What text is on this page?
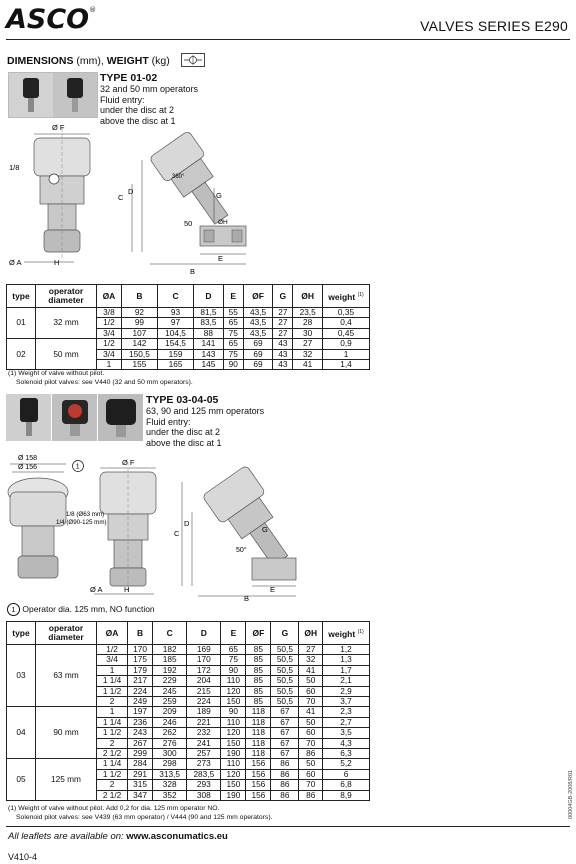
ASCO®
VALVES SERIES E290
DIMENSIONS (mm), WEIGHT (kg)
TYPE 01-02
32 and 50 mm operators
Fluid entry:
under the disc at 2
above the disc at 1
Ø F
1/8
Ø A	H
C
D
B
E
G
50	ØH
360°
type	operator diameter	ØA	B	C	D	E	ØF	G	ØH	weight $^{(1)}$
01	32 mm	3/8	92	93	81,5	55	43,5	27	23,5	0,35
		1/2	99	97	83,5	65	43,5	27	28	0,4
		3/4	107	104,5	88	75	43,5	27	30	0,45
02	50 mm	1/2	142	154,5	141	65	69	43	27	0,9
		3/4	150,5	159	143	75	69	43	32	1
		1	155	165	145	90	69	43	41	1,4
(1) Weight of valve without pilot.
Solenoid pilot valves: see V440 (32 and 50 mm operators).
TYPE 03-04-05
63, 90 and 125 mm operators
Fluid entry:
under the disc at 2
above the disc at 1
Ø 158
Ø 156	1	Ø F
1/8 (Ø63 mm)
1/4 (Ø90-125 mm)
Ø A	H
C
D
B
E
G
50°
1 Operator dia. 125 mm, NO function
type	operator diameter	ØA	B	C	D	E	ØF	G	ØH	weight $^{(1)}$
03	63 mm	1/2	170	182	169	65	85	50,5	27	1,2
		3/4	175	185	170	75	85	50,5	32	1,3
		1	179	192	172	90	85	50,5	41	1,7
		1 1/4	217	229	204	110	85	50,5	50	2,1
		1 1/2	224	245	215	120	85	50,5	60	2,9
		2	249	259	224	150	85	50,5	70	3,7
04	90 mm	1	197	209	189	90	118	67	41	2,3
		1 1/4	236	246	221	110	118	67	50	2,7
		1 1/2	243	262	232	120	118	67	60	3,5
		2	267	276	241	150	118	67	70	4,3
		2 1/2	299	300	257	190	118	67	86	6,3
05	125 mm	1 1/4	284	298	273	110	156	86	50	5,2
		1 1/2	291	313,5	283,5	120	156	86	60	6
		2	315	328	293	150	156	86	70	6,8
		2 1/2	347	352	308	190	156	86	86	8,9
(1) Weight of valve without pilot. Add 0,2 for dia. 125 mm operator NO.
Solenoid pilot valves: see V439 (63 mm operator) / V444 (90 and 125 mm operators).
All leaflets are available on: www.asconumatics.eu
V410-4
00004GB-2008/R01
